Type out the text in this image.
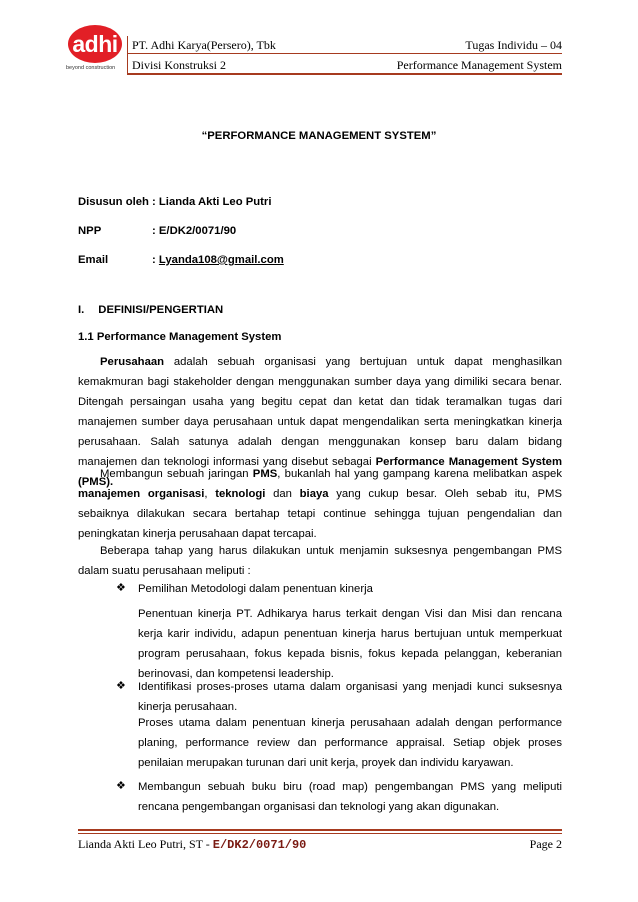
adhi
beyond construction
PT. Adhi Karya(Persero), Tbk	Tugas Individu – 04
Divisi Konstruksi 2	Performance Management System
“PERFORMANCE MANAGEMENT SYSTEM”
Disusun oleh : Lianda Akti Leo Putri
NPP	: E/DK2/0071/90
Email	: Lyanda108@gmail.com
I. DEFINISI/PENGERTIAN
1.1 Performance Management System
Perusahaan adalah sebuah organisasi yang bertujuan untuk dapat menghasilkan kemakmuran bagi stakeholder dengan menggunakan sumber daya yang dimiliki secara benar. Ditengah persaingan usaha yang begitu cepat dan ketat dan tidak teramalkan tugas dari manajemen sumber daya perusahaan untuk dapat mengendalikan serta meningkatkan kinerja perusahaan. Salah satunya adalah dengan menggunakan konsep baru dalam bidang manajemen dan teknologi informasi yang disebut sebagai Performance Management System (PMS).
Membangun sebuah jaringan PMS, bukanlah hal yang gampang karena melibatkan aspek manajemen organisasi, teknologi dan biaya yang cukup besar. Oleh sebab itu, PMS sebaiknya dilakukan secara bertahap tetapi continue sehingga tujuan pengendalian dan peningkatan kinerja perusahaan dapat tercapai.
Beberapa tahap yang harus dilakukan untuk menjamin suksesnya pengembangan PMS dalam suatu perusahaan meliputi :
❖ Pemilihan Metodologi dalam penentuan kinerja
Penentuan kinerja PT. Adhikarya harus terkait dengan Visi dan Misi dan rencana kerja karir individu, adapun penentuan kinerja harus bertujuan untuk memperkuat program perusahaan, fokus kepada bisnis, fokus kepada pelanggan, keberanian berinovasi, dan kompetensi leadership.
❖ Identifikasi proses-proses utama dalam organisasi yang menjadi kunci suksesnya kinerja perusahaan.
Proses utama dalam penentuan kinerja perusahaan adalah dengan performance planing, performance review dan performance appraisal. Setiap objek proses penilaian merupakan turunan dari unit kerja, proyek dan individu karyawan.
❖ Membangun sebuah buku biru (road map) pengembangan PMS yang meliputi rencana pengembangan organisasi dan teknologi yang akan digunakan.
Lianda Akti Leo Putri, ST - E/DK2/0071/90	Page 2
